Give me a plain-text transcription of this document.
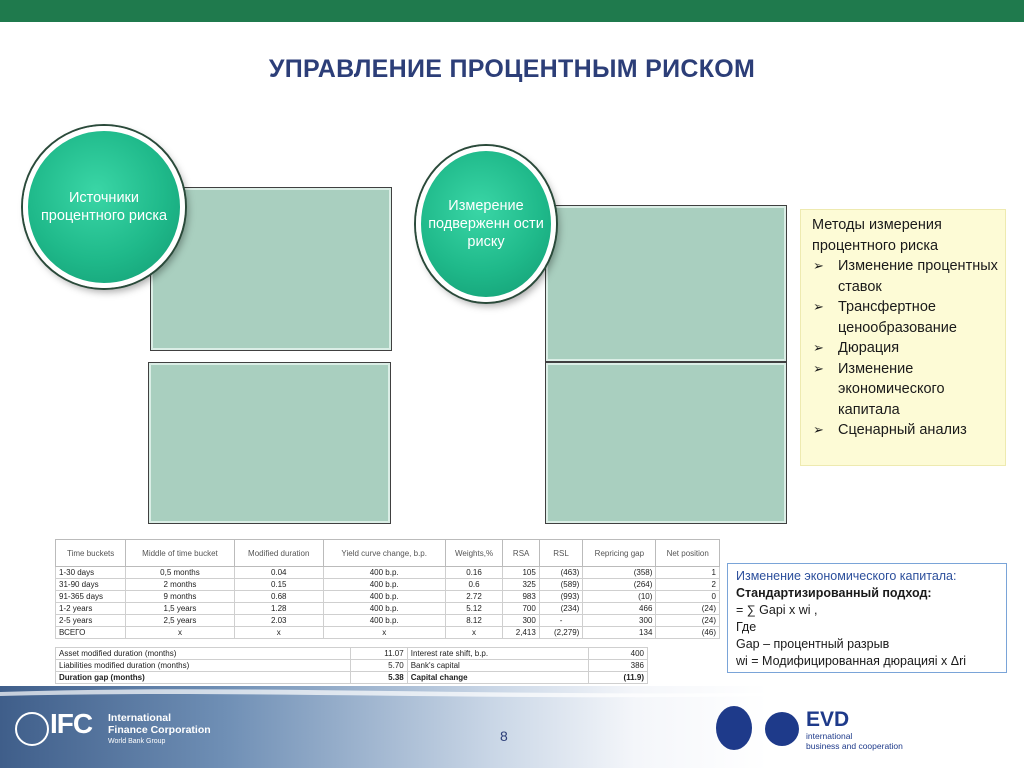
УПРАВЛЕНИЕ ПРОЦЕНТНЫМ РИСКОМ
Источники процентного риска

Измерение подверженн ости риску

Методы измерения процентного риска
➢ Изменение процентных ставок
➢ Трансфертное ценообразование
➢ Дюрация
➢ Изменение экономического капитала
➢ Сценарный анализ
Time buckets	Middle of time bucket	Modified duration	Yield curve change, b.p.	Weights,%	RSA	RSL	Repricing gap	Net position
1-30 days	0,5 months	0.04	400 b.p.	0.16	105	(463)	(358)	1
31-90 days	2 months	0.15	400 b.p.	0.6	325	(589)	(264)	2
91-365 days	9 months	0.68	400 b.p.	2.72	983	(993)	(10)	0
1-2 years	1,5 years	1.28	400 b.p.	5.12	700	(234)	466	(24)
2-5 years	2,5 years	2.03	400 b.p.	8.12	300	-	300	(24)
ВСЕГО	x	x	x	x	2,413	(2,279)	134	(46)
Asset modified duration (months)	11.07	Interest rate shift, b.p.	400
Liabilities modified duration (months)	5.70	Bank's capital	386
Duration gap (months)	5.38	Capital change	(11.9)
Изменение экономического капитала:
Стандартизированный подход:
= ∑ Gapi x wi ,
Где
Gap – процентный разрыв
wi = Модифицированная дюрацияi x Δri
IFC International
Finance Corporation
World Bank Group	8
EVD
international
business and cooperation
